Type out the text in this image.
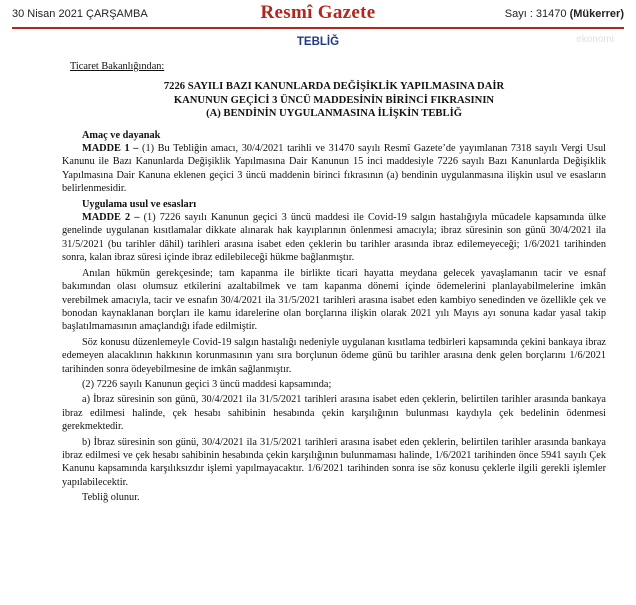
30 Nisan 2021 ÇARŞAMBA	Resmî Gazete	Sayı : 31470 (Mükerrer)
TEBLİĞ	ekonomi
Ticaret Bakanlığından:
7226 SAYILI BAZI KANUNLARDA DEĞİŞİKLİK YAPILMASINA DAİR
KANUNUN GEÇİCİ 3 ÜNCÜ MADDESİNİN BİRİNCİ FIKRASININ
(A) BENDİNİN UYGULANMASINA İLİŞKİN TEBLİĞ
Amaç ve dayanak

MADDE 1 – (1) Bu Tebliğin amacı, 30/4/2021 tarihli ve 31470 sayılı Resmî Gazete’de yayımlanan 7318 sayılı Vergi Usul Kanunu ile Bazı Kanunlarda Değişiklik Yapılmasına Dair Kanunun 15 inci maddesiyle 7226 sayılı Bazı Kanunlarda Değişiklik Yapılmasına Dair Kanuna eklenen geçici 3 üncü maddenin birinci fıkrasının (a) bendinin uygulanmasına ilişkin usul ve esasların belirlenmesidir.

Uygulama usul ve esasları

MADDE 2 – (1) 7226 sayılı Kanunun geçici 3 üncü maddesi ile Covid-19 salgın hastalığıyla mücadele kapsamında ülke genelinde uygulanan kısıtlamalar dikkate alınarak hak kayıplarının önlenmesi amacıyla; ibraz süresinin son günü 30/4/2021 ila 31/5/2021 (bu tarihler dâhil) tarihleri arasına isabet eden çeklerin bu tarihler arasında ibraz edilemeyeceği; 1/6/2021 tarihinden sonra, kalan ibraz süresi içinde ibraz edilebileceği hükme bağlanmıştır.

Anılan hükmün gerekçesinde; tam kapanma ile birlikte ticari hayatta meydana gelecek yavaşlamanın tacir ve esnaf bakımından olası olumsuz etkilerini azaltabilmek ve tam kapanma dönemi içinde ödemelerini planlayabilmelerine imkân verebilmek amacıyla, tacir ve esnafın 30/4/2021 ila 31/5/2021 tarihleri arasına isabet eden kambiyo senedinden ve özellikle çek ve bonodan kaynaklanan borçları ile kamu idarelerine olan borçlarına ilişkin olarak 2021 yılı Mayıs ayı sonuna kadar yasal takip başlatılmamasının amaçlandığı ifade edilmiştir.

Söz konusu düzenlemeyle Covid-19 salgın hastalığı nedeniyle uygulanan kısıtlama tedbirleri kapsamında çekini bankaya ibraz edemeyen alacaklının hakkının korunmasının yanı sıra borçlunun ödeme günü bu tarihler arasına denk gelen borçlarını 1/6/2021 tarihinden sonra ödeyebilmesine de imkân sağlanmıştır.

(2) 7226 sayılı Kanunun geçici 3 üncü maddesi kapsamında;

a) İbraz süresinin son günü, 30/4/2021 ila 31/5/2021 tarihleri arasına isabet eden çeklerin, belirtilen tarihler arasında bankaya ibraz edilmesi halinde, çek hesabı sahibinin hesabında çekin karşılığının bulunması kaydıyla çek bedelinin ödenmesi gerekmektedir.

b) İbraz süresinin son günü, 30/4/2021 ila 31/5/2021 tarihleri arasına isabet eden çeklerin, belirtilen tarihler arasında bankaya ibraz edilmesi ve çek hesabı sahibinin hesabında çekin karşılığının bulunmaması halinde, 1/6/2021 tarihinden önce 5941 sayılı Çek Kanunu kapsamında karşılıksızdır işlemi yapılmayacaktır. 1/6/2021 tarihinden sonra ise söz konusu çeklerle ilgili gerekli işlemler yapılabilecektir.

Tebliğ olunur.
